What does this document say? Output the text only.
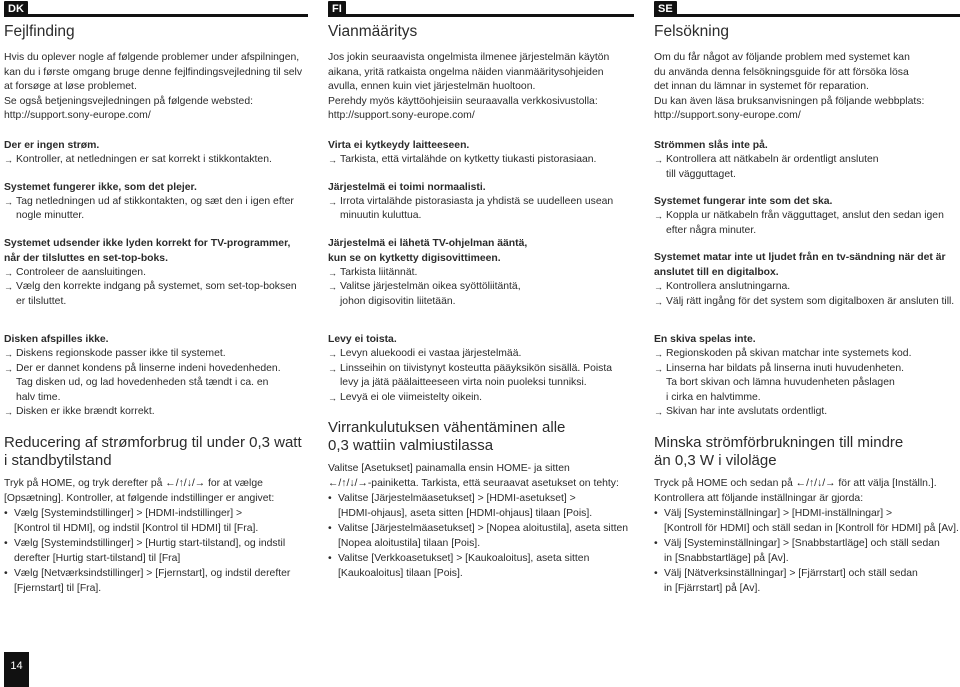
DK
Fejlfinding

Hvis du oplever nogle af følgende problemer under afspilningen,

kan du i første omgang bruge denne fejlfindingsvejledning til selv

at forsøge at løse problemet.

Se også betjeningsvejledningen på følgende websted:

http://support.sony-europe.com/

Der er ingen strøm.

→ Kontroller, at netledningen er sat korrekt i stikkontakten.

Systemet fungerer ikke, som det plejer.

→ Tag netledningen ud af stikkontakten, og sæt den i igen efter
nogle minutter.

Systemet udsender ikke lyden korrekt for TV-programmer,
når der tilsluttes en set-top-boks.

→ Controleer de aansluitingen.

→ Vælg den korrekte indgang på systemet, som set-top-boksen
er tilsluttet.

Disken afspilles ikke.

→ Diskens regionskode passer ikke til systemet.

→ Der er dannet kondens på linserne indeni hovedenheden.

Tag disken ud, og lad hovedenheden stå tændt i ca. en
halv time.

→ Disken er ikke brændt korrekt.

Reducering af strømforbrug til under 0,3 watt
i standbytilstand

Tryk på HOME, og tryk derefter på ←/↑/↓/→ for at vælge
[Opsætning]. Kontroller, at følgende indstillinger er angivet:

• Vælg [Systemindstillinger] > [HDMI-indstillinger] >
[Kontrol til HDMI], og indstil [Kontrol til HDMI] til [Fra].
• Vælg [Systemindstillinger] > [Hurtig start-tilstand], og indstil
derefter [Hurtig start-tilstand] til [Fra]
• Vælg [Netværksindstillinger] > [Fjernstart], og indstil derefter
[Fjernstart] til [Fra].
FI
Vianmääritys

Jos jokin seuraavista ongelmista ilmenee järjestelmän käytön

aikana, yritä ratkaista ongelma näiden vianmääritysohjeiden

avulla, ennen kuin viet järjestelmän huoltoon.

Perehdy myös käyttöohjeisiin seuraavalla verkkosivustolla:

http://support.sony-europe.com/

Virta ei kytkeydy laitteeseen.

→ Tarkista, että virtalähde on kytketty tiukasti pistorasiaan.

Järjestelmä ei toimi normaalisti.

→ Irrota virtalähde pistorasiasta ja yhdistä se uudelleen usean
minuutin kuluttua.

Järjestelmä ei lähetä TV-ohjelman ääntä,
kun se on kytketty digisovittimeen.

→ Tarkista liitännät.

→ Valitse järjestelmän oikea syöttöliitäntä,
johon digisovitin liitetään.

Levy ei toista.

→ Levyn aluekoodi ei vastaa järjestelmää.

→ Linsseihin on tiivistynyt kosteutta pääyksikön sisällä. Poista
levy ja jätä päälaitteeseen virta noin puoleksi tunniksi.

→ Levyä ei ole viimeistelty oikein.

Virrankulutuksen vähentäminen alle
0,3 wattiin valmiustilassa

Valitse [Asetukset] painamalla ensin HOME- ja sitten
←/↑/↓/→-painiketta. Tarkista, että seuraavat asetukset on tehty:

• Valitse [Järjestelmäasetukset] > [HDMI-asetukset] >
[HDMI-ohjaus], aseta sitten [HDMI-ohjaus] tilaan [Pois].
• Valitse [Järjestelmäasetukset] > [Nopea aloitustila], aseta sitten
[Nopea aloitustila] tilaan [Pois].
• Valitse [Verkkoasetukset] > [Kaukoaloitus], aseta sitten
[Kaukoaloitus] tilaan [Pois].
SE
Felsökning

Om du får något av följande problem med systemet kan

du använda denna felsökningsguide för att försöka lösa

det innan du lämnar in systemet för reparation.

Du kan även läsa bruksanvisningen på följande webbplats:

http://support.sony-europe.com/

Strömmen slås inte på.

→ Kontrollera att nätkabeln är ordentligt ansluten
till vägguttaget.

Systemet fungerar inte som det ska.

→ Koppla ur nätkabeln från vägguttaget, anslut den sedan igen
efter några minuter.

Systemet matar inte ut ljudet från en tv-sändning när det är
anslutet till en digitalbox.

→ Kontrollera anslutningarna.

→ Välj rätt ingång för det system som digitalboxen är ansluten till.

En skiva spelas inte.

→ Regionskoden på skivan matchar inte systemets kod.

→ Linserna har bildats på linserna inuti huvudenheten.

Ta bort skivan och lämna huvudenheten påslagen
i cirka en halvtimme.

→ Skivan har inte avslutats ordentligt.

Minska strömförbrukningen till mindre
än 0,3 W i viloläge

Tryck på HOME och sedan på ←/↑/↓/→ för att välja [Inställn.].
Kontrollera att följande inställningar är gjorda:

• Välj [Systeminställningar] > [HDMI-inställningar] >
[Kontroll för HDMI] och ställ sedan in [Kontroll för HDMI] på [Av].
• Välj [Systeminställningar] > [Snabbstartläge] och ställ sedan
in [Snabbstartläge] på [Av].
• Välj [Nätverksinställningar] > [Fjärrstart] och ställ sedan
in [Fjärrstart] på [Av].
14
